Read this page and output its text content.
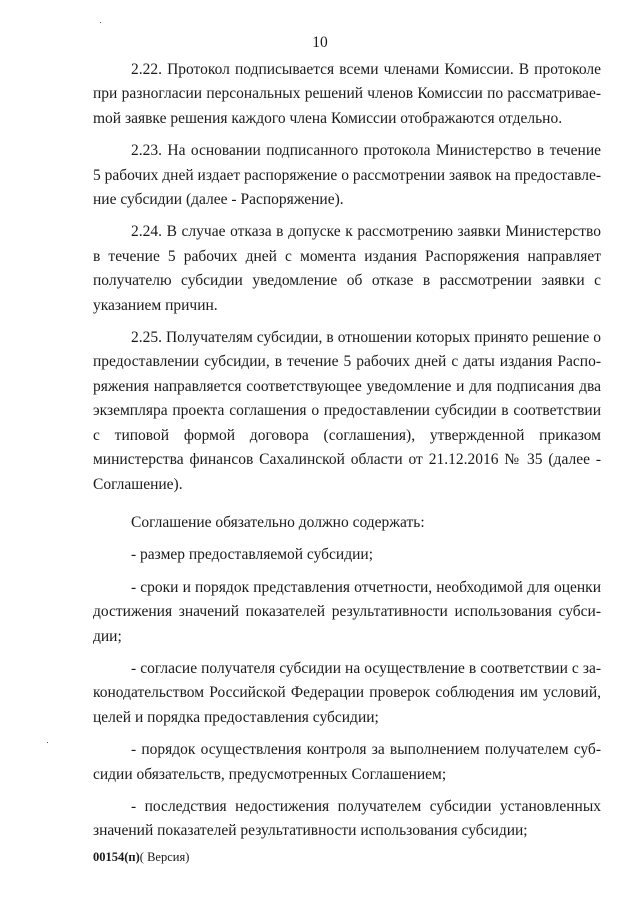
10

2.22. Протокол подписывается всеми членами Комиссии. В протоколе при разногласии персональных решений членов Комиссии по рассматриваеmой заявке решения каждого члена Комиссии отображаются отдельно.

2.23. На основании подписанного протокола Министерство в течение 5 рабочих дней издает распоряжение о рассмотрении заявок на предоставление субсидии (далее - Распоряжение).

2.24. В случае отказа в допуске к рассмотрению заявки Министерство в течение 5 рабочих дней с момента издания Распоряжения направляет получателю субсидии уведомление об отказе в рассмотрении заявки с указанием причин.

2.25. Получателям субсидии, в отношении которых принято решение о предоставлении субсидии, в течение 5 рабочих дней с даты издания Распоряжения направляется соответствующее уведомление и для подписания два экземпляра проекта соглашения о предоставлении субсидии в соответствии с типовой формой договора (соглашения), утвержденной приказом министерства финансов Сахалинской области от 21.12.2016 № 35 (далее - Соглашение).

Соглашение обязательно должно содержать:

- размер предоставляемой субсидии;

- сроки и порядок представления отчетности, необходимой для оценки достижения значений показателей результативности использования субсидии;

- согласие получателя субсидии на осуществление в соответствии с законодательством Российской Федерации проверок соблюдения им условий, целей и порядка предоставления субсидии;

- порядок осуществления контроля за выполнением получателем субсидии обязательств, предусмотренных Соглашением;

- последствия недостижения получателем субсидии установленных значений показателей результативности использования субсидии;

00154(п)( Версия)
